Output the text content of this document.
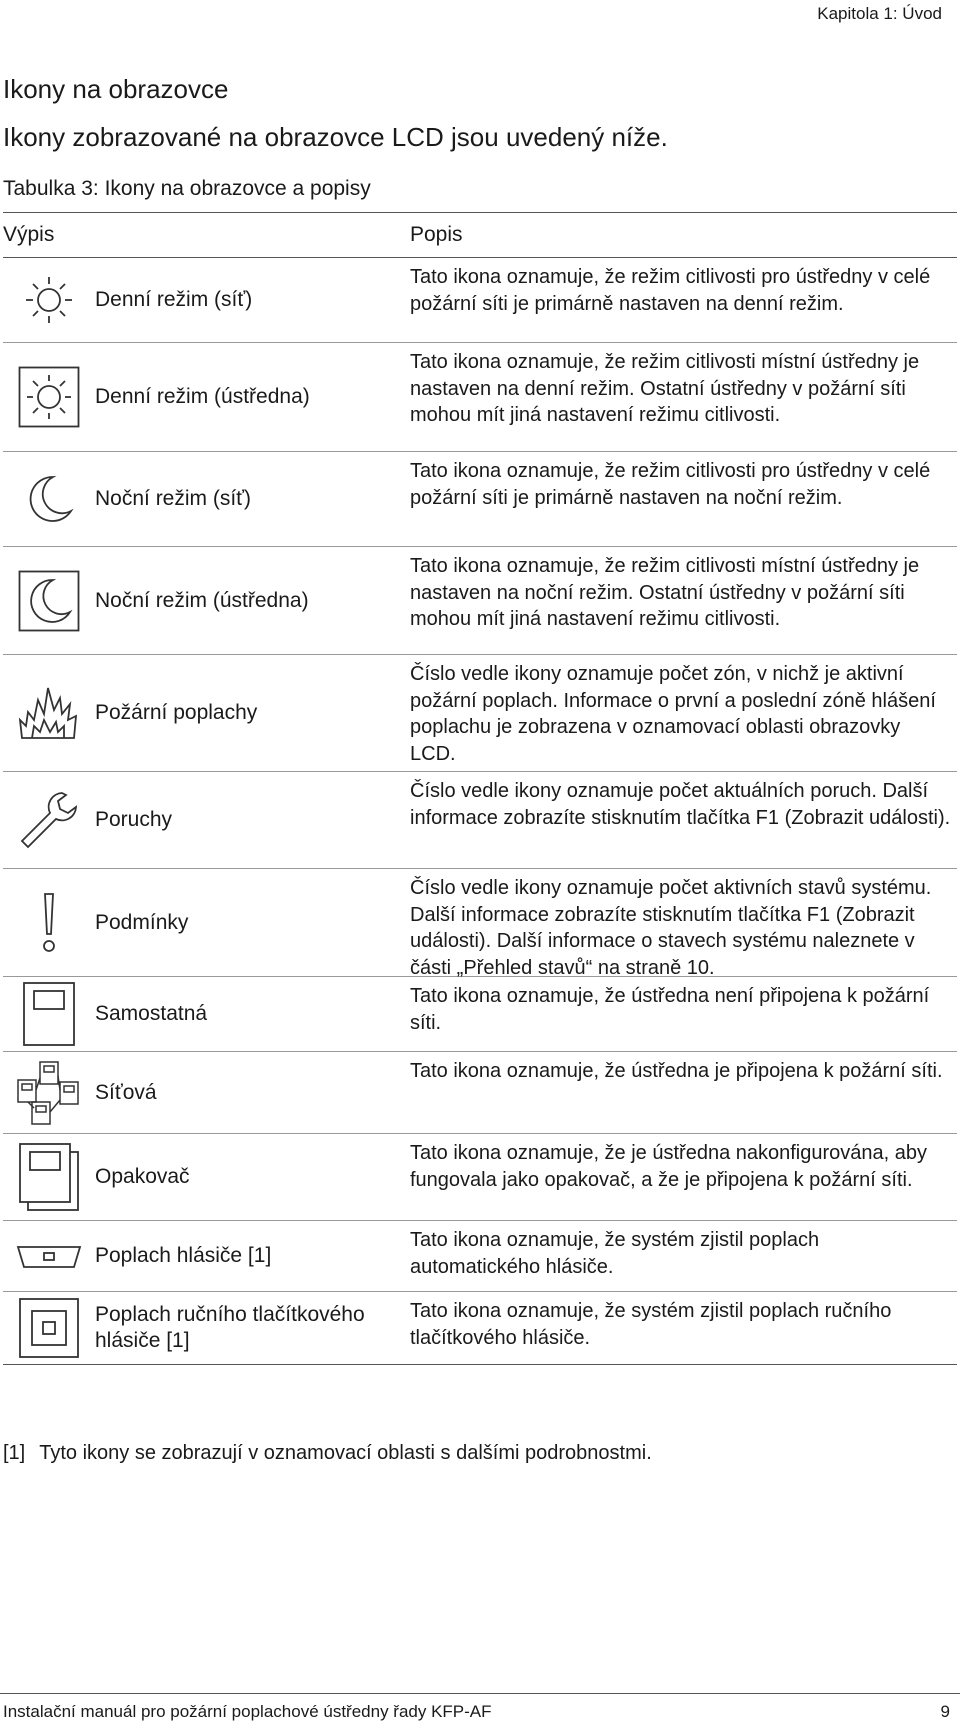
Kapitola 1: Úvod
Ikony na obrazovce
Ikony zobrazované na obrazovce LCD jsou uvedený níže.
Tabulka 3: Ikony na obrazovce a popisy
Výpis	Popis
Denní režim (síť)
Tato ikona oznamuje, že režim citlivosti pro ústředny v celé požární síti je primárně nastaven na denní režim.
Denní režim (ústředna)
Tato ikona oznamuje, že režim citlivosti místní ústředny je nastaven na denní režim. Ostatní ústředny v požární síti mohou mít jiná nastavení režimu citlivosti.
Noční režim (síť)
Tato ikona oznamuje, že režim citlivosti pro ústředny v celé požární síti je primárně nastaven na noční režim.
Noční režim (ústředna)
Tato ikona oznamuje, že režim citlivosti místní ústředny je nastaven na noční režim. Ostatní ústředny v požární síti mohou mít jiná nastavení režimu citlivosti.
Požární poplachy
Číslo vedle ikony oznamuje počet zón, v nichž je aktivní požární poplach. Informace o první a poslední zóně hlášení poplachu je zobrazena v oznamovací oblasti obrazovky LCD.
Poruchy
Číslo vedle ikony oznamuje počet aktuálních poruch. Další informace zobrazíte stisknutím tlačítka F1 (Zobrazit události).
Podmínky
Číslo vedle ikony oznamuje počet aktivních stavů systému. Další informace zobrazíte stisknutím tlačítka F1 (Zobrazit události). Další informace o stavech systému naleznete v části „Přehled stavů“ na straně 10.
Samostatná
Tato ikona oznamuje, že ústředna není připojena k požární síti.
Síťová
Tato ikona oznamuje, že ústředna je připojena k požární síti.
Opakovač
Tato ikona oznamuje, že je ústředna nakonfigurována, aby fungovala jako opakovač, a že je připojena k požární síti.
Poplach hlásiče [1]
Tato ikona oznamuje, že systém zjistil poplach automatického hlásiče.
Poplach ručního tlačítkového hlásiče [1]
Tato ikona oznamuje, že systém zjistil poplach ručního tlačítkového hlásiče.
[1] Tyto ikony se zobrazují v oznamovací oblasti s dalšími podrobnostmi.
Instalační manuál pro požární poplachové ústředny řady KFP-AF	9
